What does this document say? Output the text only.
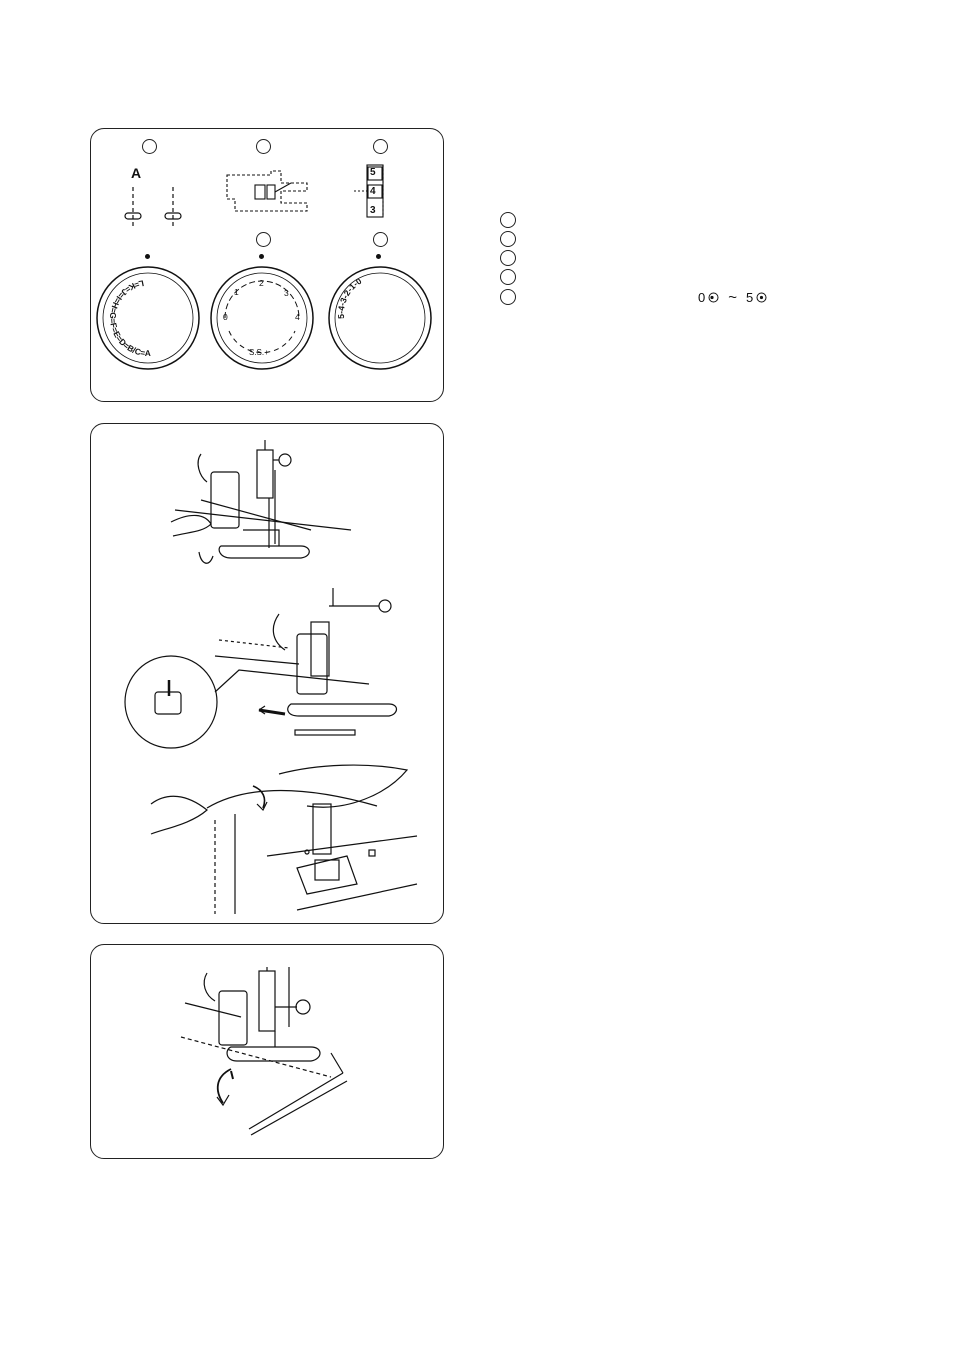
A	5
4
3
L=K=J=I=H=G=F=E=D=B/C=A
0
1
2
3
4
S.S.+
5-4-3-2-1-0
0 ~ 5
